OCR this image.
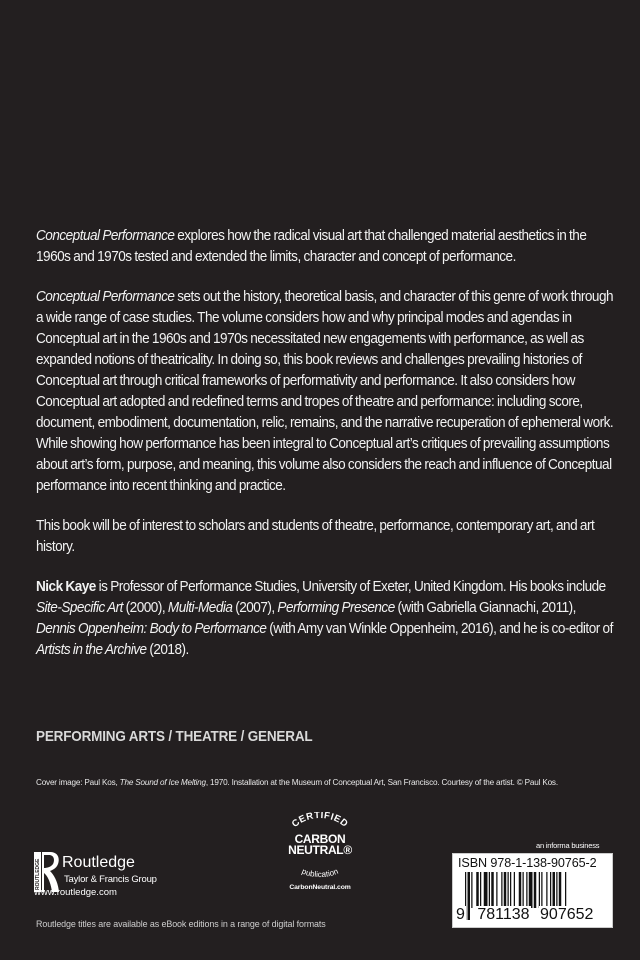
Conceptual Performance explores how the radical visual art that challenged material aesthetics in the 1960s and 1970s tested and extended the limits, character and concept of performance.

Conceptual Performance sets out the history, theoretical basis, and character of this genre of work through a wide range of case studies. The volume considers how and why principal modes and agendas in Conceptual art in the 1960s and 1970s necessitated new engagements with performance, as well as expanded notions of theatricality. In doing so, this book reviews and challenges prevailing histories of Conceptual art through critical frameworks of performativity and performance. It also considers how Conceptual art adopted and redefined terms and tropes of theatre and performance: including score, document, embodiment, documentation, relic, remains, and the narrative recuperation of ephemeral work. While showing how performance has been integral to Conceptual art’s critiques of prevailing assumptions about art’s form, purpose, and meaning, this volume also considers the reach and influence of Conceptual performance into recent thinking and practice.

This book will be of interest to scholars and students of theatre, performance, contemporary art, and art history.

Nick Kaye is Professor of Performance Studies, University of Exeter, United Kingdom. His books include Site-Specific Art (2000), Multi-Media (2007), Performing Presence (with Gabriella Giannachi, 2011), Dennis Oppenheim: Body to Performance (with Amy van Winkle Oppenheim, 2016), and he is co-editor of Artists in the Archive (2018).

PERFORMING ARTS / THEATRE / GENERAL
Cover image: Paul Kos, The Sound of Ice Melting, 1970. Installation at the Museum of Conceptual Art, San Francisco. Courtesy of the artist. © Paul Kos.
ROUTLEDGE Routledge
Taylor & Francis Group
www.routledge.com
CERTIFIED
publication
CARBON
NEUTRAL®
CarbonNeutral.com
an informa business
ISBN 978-1-138-90765-2
9 781138 907652
Routledge titles are available as eBook editions in a range of digital formats
